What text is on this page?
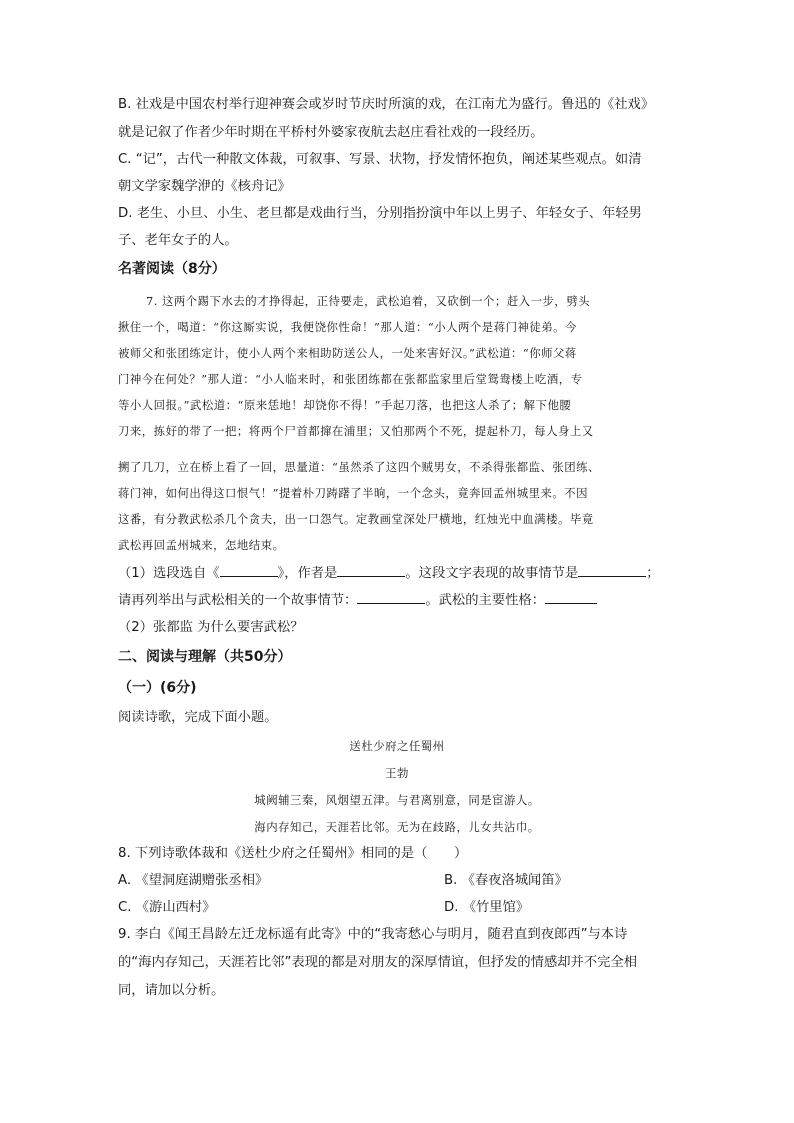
B. 社戏是中国农村举行迎神赛会或岁时节庆时所演的戏，在江南尤为盛行。鲁迅的《社戏》
就是记叙了作者少年时期在平桥村外婆家夜航去赵庄看社戏的一段经历。
C. “记”，古代一种散文体裁，可叙事、写景、状物，抒发情怀抱负，阐述某些观点。如清
朝文学家魏学洢的《核舟记》
D. 老生、小旦、小生、老旦都是戏曲行当，分别指扮演中年以上男子、年轻女子、年轻男
子、老年女子的人。
名著阅读（8分）
7. 这两个踢下水去的才挣得起，正待要走，武松追着，又砍倒一个；赶入一步，劈头
揪住一个，喝道：“你这厮实说，我便饶你性命！”那人道：“小人两个是蒋门神徒弟。今
被师父和张团练定计，使小人两个来相助防送公人，一处来害好汉。”武松道：“你师父蒋
门神今在何处？”那人道：“小人临来时，和张团练都在张都监家里后堂鸳鸯楼上吃酒，专
等小人回报。”武松道：“原来恁地！却饶你不得！”手起刀落，也把这人杀了；解下他腰
刀来，拣好的带了一把；将两个尸首都撺在浦里；又怕那两个不死，提起朴刀，每人身上又
搠了几刀，立在桥上看了一回，思量道：“虽然杀了这四个贼男女，不杀得张都监、张团练、
蒋门神，如何出得这口恨气！”提着朴刀踌躇了半晌，一个念头，竟奔回孟州城里来。不因
这番，有分教武松杀几个贪夫，出一口怨气。定教画堂深处尸横地，红烛光中血满楼。毕竟
武松再回孟州城来，怎地结束。
（1）选段选自《	》，作者是	。这段文字表现的故事情节是	；
请再列举出与武松相关的一个故事情节：	。武松的主要性格：
（2）张都监 为什么要害武松？
二、阅读与理解（共50分）
（一）(6分)
阅读诗歌，完成下面小题。
送杜少府之任蜀州
王勃
城阙辅三秦，风烟望五津。与君离别意，同是宦游人。
海内存知己，天涯若比邻。无为在歧路，儿女共沾巾。
8. 下列诗歌体裁和《送杜少府之任蜀州》相同的是（　　）
A. 《望洞庭湖赠张丞相》	B. 《春夜洛城闻笛》
C. 《游山西村》	D. 《竹里馆》
9. 李白《闻王昌龄左迁龙标遥有此寄》中的“我寄愁心与明月，随君直到夜郎西”与本诗
的“海内存知己，天涯若比邻”表现的都是对朋友的深厚情谊，但抒发的情感却并不完全相
同，请加以分析。
